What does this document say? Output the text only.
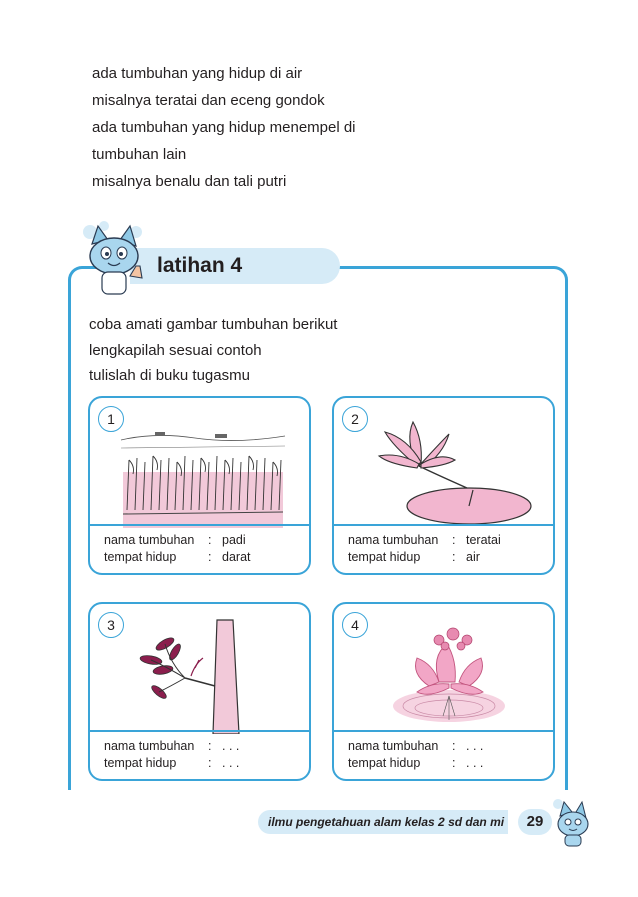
ada tumbuhan yang hidup di air

misalnya teratai dan eceng gondok

ada tumbuhan yang hidup menempel di

tumbuhan lain

misalnya benalu dan tali putri

latihan 4

coba amati gambar tumbuhan berikut

lengkapilah sesuai contoh

tulislah di buku tugasmu

1
nama tumbuhan	: padi
tempat hidup	: darat
2
nama tumbuhan	: teratai
tempat hidup	: air
3
nama tumbuhan	: . . .
tempat hidup	: . . .
4
nama tumbuhan	: . . .
tempat hidup	: . . .
ilmu pengetahuan alam kelas 2 sd dan mi	29
